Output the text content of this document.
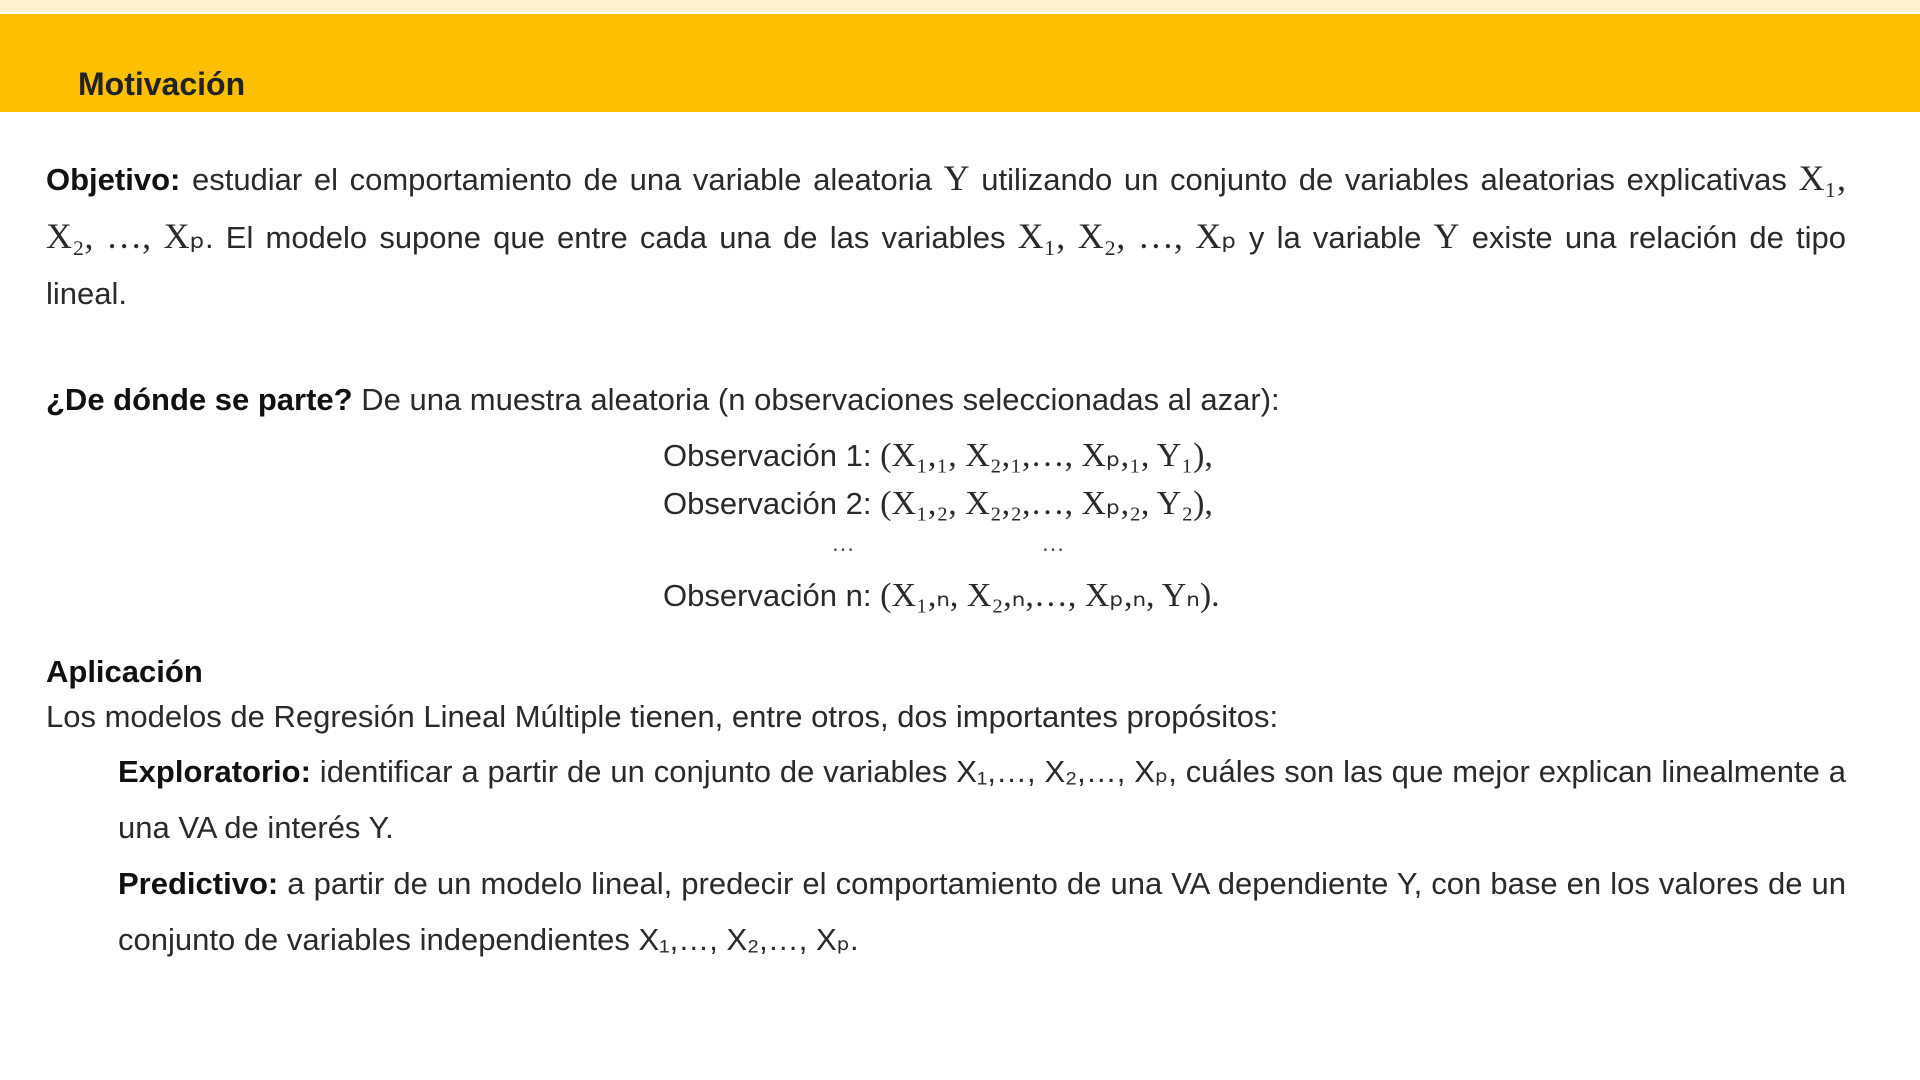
Motivación

Objetivo: estudiar el comportamiento de una variable aleatoria Y utilizando un conjunto de variables aleatorias explicativas X₁, X₂, …, Xₚ. El modelo supone que entre cada una de las variables X₁, X₂, …, Xₚ y la variable Y existe una relación de tipo lineal.

¿De dónde se parte? De una muestra aleatoria (n observaciones seleccionadas al azar):

Observación 1: (X₁,₁, X₂,₁,…, Xₚ,₁, Y₁),
Observación 2: (X₁,₂, X₂,₂,…, Xₚ,₂, Y₂),
…	…
Observación n: (X₁,ₙ, X₂,ₙ,…, Xₚ,ₙ, Yₙ).
Aplicación
Los modelos de Regresión Lineal Múltiple tienen, entre otros, dos importantes propósitos:
Exploratorio: identificar a partir de un conjunto de variables X₁,…, X₂,…, Xₚ, cuáles son las que mejor explican linealmente a una VA de interés Y.
Predictivo: a partir de un modelo lineal, predecir el comportamiento de una VA dependiente Y, con base en los valores de un conjunto de variables independientes X₁,…, X₂,…, Xₚ.
